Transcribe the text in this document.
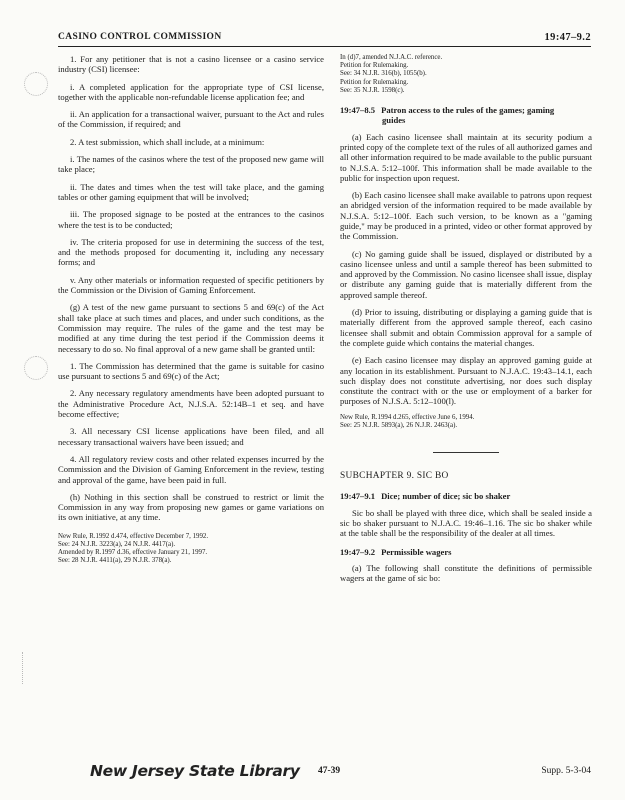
CASINO CONTROL COMMISSION	19:47–9.2

1. For any petitioner that is not a casino licensee or a casino service industry (CSI) licensee:

i. A completed application for the appropriate type of CSI license, together with the applicable non-refundable license application fee; and

ii. An application for a transactional waiver, pursuant to the Act and rules of the Commission, if required; and

2. A test submission, which shall include, at a minimum:

i. The names of the casinos where the test of the proposed new game will take place;

ii. The dates and times when the test will take place, and the gaming tables or other gaming equipment that will be involved;

iii. The proposed signage to be posted at the entrances to the casinos where the test is to be conducted;

iv. The criteria proposed for use in determining the success of the test, and the methods proposed for documenting it, including any necessary forms; and

v. Any other materials or information requested of specific petitioners by the Commission or the Division of Gaming Enforcement.

(g) A test of the new game pursuant to sections 5 and 69(c) of the Act shall take place at such times and places, and under such conditions, as the Commission may require. The rules of the game and the test may be modified at any time during the test period if the Commission deems it necessary to do so. No final approval of a new game shall be granted until:

1. The Commission has determined that the game is suitable for casino use pursuant to sections 5 and 69(c) of the Act;

2. Any necessary regulatory amendments have been adopted pursuant to the Administrative Procedure Act, N.J.S.A. 52:14B–1 et seq. and have become effective;

3. All necessary CSI license applications have been filed, and all necessary transactional waivers have been issued; and

4. All regulatory review costs and other related expenses incurred by the Commission and the Division of Gaming Enforcement in the review, testing and approval of the game, have been paid in full.

(h) Nothing in this section shall be construed to restrict or limit the Commission in any way from proposing new games or game variations on its own initiative, at any time.

New Rule, R.1992 d.474, effective December 7, 1992.

See: 24 N.J.R. 3223(a), 24 N.J.R. 4417(a).

Amended by R.1997 d.36, effective January 21, 1997.

See: 28 N.J.R. 4411(a), 29 N.J.R. 378(a).

In (d)7, amended N.J.A.C. reference.

Petition for Rulemaking.

See: 34 N.J.R. 316(b), 1055(b).

Petition for Rulemaking.

See: 35 N.J.R. 1598(c).

19:47–8.5 Patron access to the rules of the games; gaming
guides

(a) Each casino licensee shall maintain at its security podium a printed copy of the complete text of the rules of all authorized games and all other information required to be made available to the public pursuant to N.J.S.A. 5:12–100f. This information shall be made available to the public for inspection upon request.

(b) Each casino licensee shall make available to patrons upon request an abridged version of the information required to be made available by N.J.S.A. 5:12–100f. Each such version, to be known as a "gaming guide," may be produced in a printed, video or other format approved by the Commission.

(c) No gaming guide shall be issued, displayed or distributed by a casino licensee unless and until a sample thereof has been submitted to and approved by the Commission. No casino licensee shall issue, display or distribute any gaming guide that is materially different from the approved sample thereof.

(d) Prior to issuing, distributing or displaying a gaming guide that is materially different from the approved sample thereof, each casino licensee shall submit and obtain Commission approval for a sample of the complete guide which contains the material changes.

(e) Each casino licensee may display an approved gaming guide at any location in its establishment. Pursuant to N.J.A.C. 19:43–14.1, each such display does not constitute advertising, nor does such display constitute the contract with or the use or employment of a barker for purposes of N.J.S.A. 5:12–100(l).

New Rule, R.1994 d.265, effective June 6, 1994.

See: 25 N.J.R. 5893(a), 26 N.J.R. 2463(a).

SUBCHAPTER 9. SIC BO

19:47–9.1 Dice; number of dice; sic bo shaker

Sic bo shall be played with three dice, which shall be sealed inside a sic bo shaker pursuant to N.J.A.C. 19:46–1.16. The sic bo shaker while at the table shall be the responsibility of the dealer at all times.

19:47–9.2 Permissible wagers

(a) The following shall constitute the definitions of permissible wagers at the game of sic bo:

New Jersey State Library 47-39	Supp. 5-3-04
